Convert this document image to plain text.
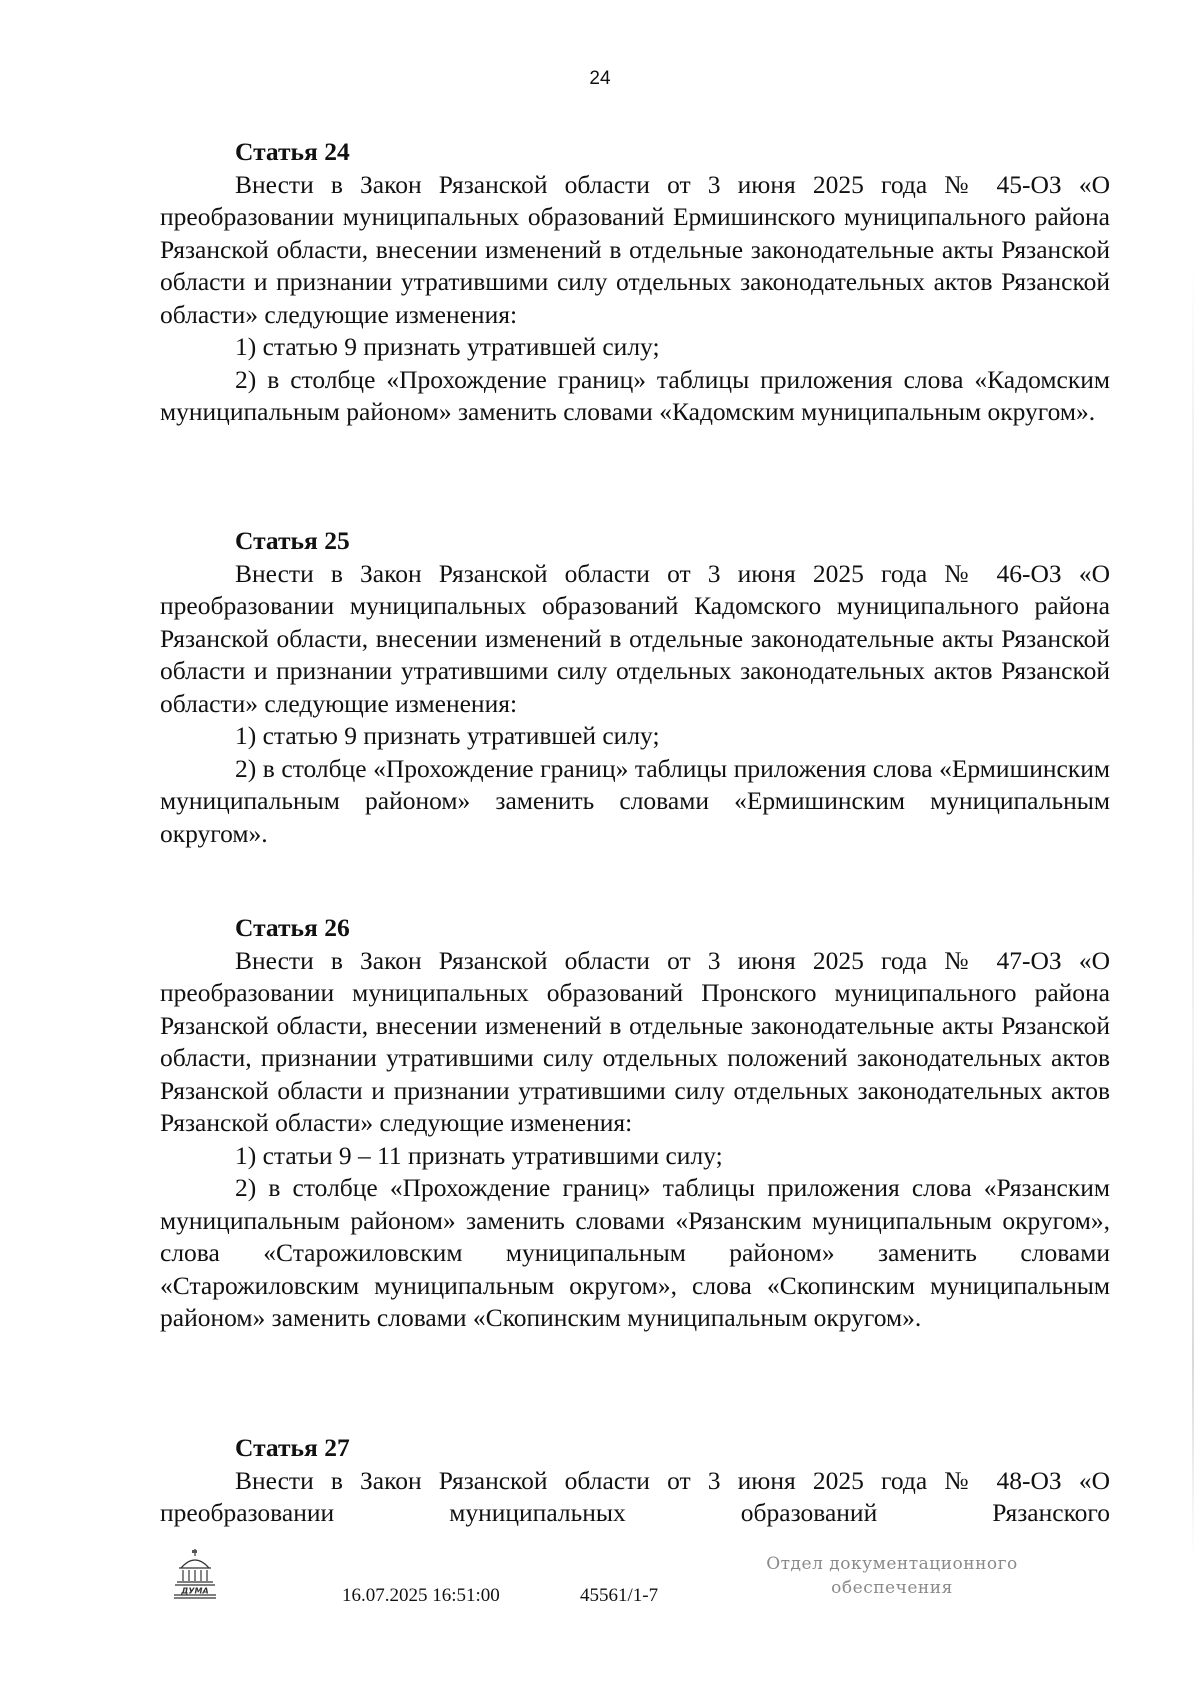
24
Статья 24

Внести в Закон Рязанской области от 3 июня 2025 года № 45-ОЗ «О преобразовании муниципальных образований Ермишинского муниципального района Рязанской области, внесении изменений в отдельные законодательные акты Рязанской области и признании утратившими силу отдельных законодательных актов Рязанской области» следующие изменения:

1) статью 9 признать утратившей силу;

2) в столбце «Прохождение границ» таблицы приложения слова «Кадомским муниципальным районом» заменить словами «Кадомским муниципальным округом».

Статья 25

Внести в Закон Рязанской области от 3 июня 2025 года № 46-ОЗ «О преобразовании муниципальных образований Кадомского муниципального района Рязанской области, внесении изменений в отдельные законодательные акты Рязанской области и признании утратившими силу отдельных законодательных актов Рязанской области» следующие изменения:

1) статью 9 признать утратившей силу;

2) в столбце «Прохождение границ» таблицы приложения слова «Ермишинским муниципальным районом» заменить словами «Ермишинским муниципальным округом».

Статья 26

Внести в Закон Рязанской области от 3 июня 2025 года № 47-ОЗ «О преобразовании муниципальных образований Пронского муниципального района Рязанской области, внесении изменений в отдельные законодательные акты Рязанской области, признании утратившими силу отдельных положений законодательных актов Рязанской области и признании утратившими силу отдельных законодательных актов Рязанской области» следующие изменения:

1) статьи 9 – 11 признать утратившими силу;

2) в столбце «Прохождение границ» таблицы приложения слова «Рязанским муниципальным районом» заменить словами «Рязанским муниципальным округом», слова «Старожиловским муниципальным районом» заменить словами «Старожиловским муниципальным округом», слова «Скопинским муниципальным районом» заменить словами «Скопинским муниципальным округом».

Статья 27

Внести в Закон Рязанской области от 3 июня 2025 года № 48-ОЗ «О преобразовании муниципальных образований Рязанского

ДУМА	16.07.2025 16:51:00	45561/1-7
Отдел документационного
обеспечения
